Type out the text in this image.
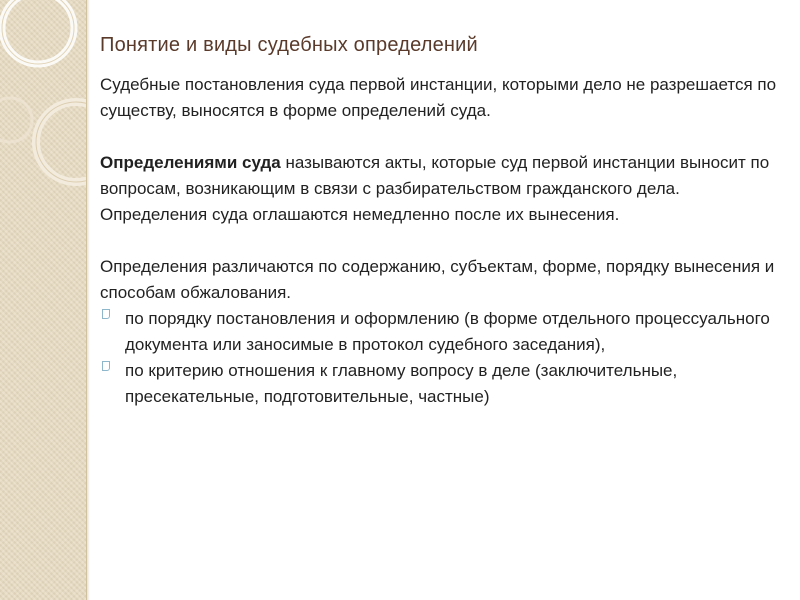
Понятие и виды судебных определений

Судебные постановления суда первой инстанции, которыми дело не разрешается по существу, выносятся в форме определений суда.

Определениями суда называются акты, которые суд первой инстанции выносит по вопросам, возникающим в связи с разбирательством гражданского дела.

Определения суда оглашаются немедленно после их вынесения.

Определения различаются по содержанию, субъектам, форме, порядку вынесения и способам обжалования.

по порядку постановления и оформлению (в форме отдельного процессуального документа или заносимые в протокол судебного заседания),
по критерию отношения к главному вопросу в деле (заключительные, пресекательные, подготовительные, частные)
